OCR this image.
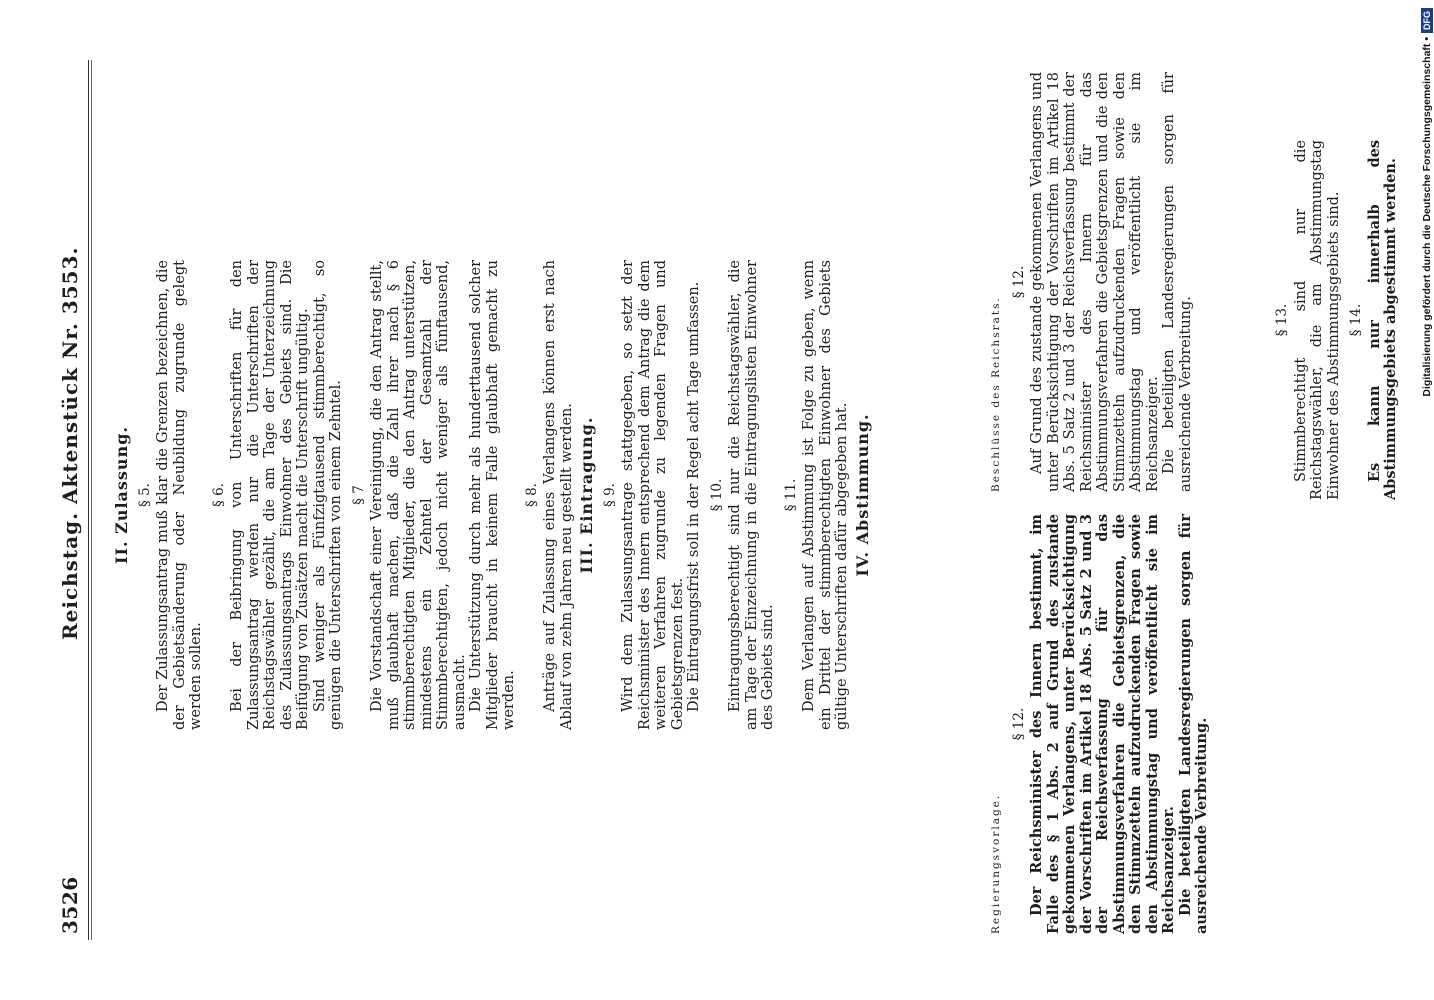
Digitalisierung gefördert durch die Deutsche Forschungsgemeinschaft •
DFG
3526
Reichstag. Aktenstück Nr. 3553. II. Zulassung. § 5. Der Zulassungsantrag muß klar die Grenzen bezeichnen, die der Gebietsänderung oder Neubildung zugrunde gelegt werden sollen.

§ 6. Bei der Beibringung von Unterschriften für den Zulassungsantrag werden nur die Unterschriften der Reichstagswähler gezählt, die am Tage der Unterzeichnung des Zulassungsantrags Einwohner des Gebiets sind. Die Beifügung von Zusätzen macht die Unterschrift ungültig. Sind weniger als Fünfzigtausend stimmberechtigt, so genügen die Unterschriften von einem Zehntel. § 7 Die Vorstandschaft einer Vereinigung, die den Antrag stellt, muß glaubhaft machen, daß die Zahl ihrer nach § 6 stimmberechtigten Mitglieder, die den Antrag unterstützen, mindestens ein Zehntel der Gesamtzahl der Stimmberechtigten, jedoch nicht weniger als fünftausend, ausmacht. Die Unterstützung durch mehr als hunderttausend solcher Mitglieder braucht in keinem Falle glaubhaft gemacht zu werden.

§ 8. Anträge auf Zulassung eines Verlangens können erst nach Ablauf von zehn Jahren neu gestellt werden. III. Eintragung. § 9. Wird dem Zulassungsantrage stattgegeben, so setzt der Reichsminister des Innern entsprechend dem Antrag die dem weiteren Verfahren zugrunde zu legenden Fragen und Gebietsgrenzen fest. Die Eintragungsfrist soll in der Regel acht Tage umfassen. § 10. Eintragungsberechtigt sind nur die Reichstagswähler, die am Tage der Einzeichnung in die Eintragungslisten Einwohner des Gebiets sind.

§ 11. Dem Verlangen auf Abstimmung ist Folge zu geben, wenn ein Drittel der stimmberechtigten Einwohner des Gebiets gültige Unterschriften dafür abgegeben hat. IV. Abstimmung.
Regierungsvorlage.
§ 12. Der Reichsminister des Innern bestimmt, im Falle des § 1 Abs. 2 auf Grund des zustande gekommenen Verlangens, unter Berücksichtigung der Vorschriften im Artikel 18 Abs. 5 Satz 2 und 3 der Reichsverfassung für das Abstimmungsverfahren die Gebietsgrenzen, die den Stimmzetteln aufzudruckenden Fragen sowie den Abstimmungstag und veröffentlicht sie im Reichsanzeiger. Die beteiligten Landesregierungen sorgen für ausreichende Verbreitung.

Beschlüsse des Reichsrats.
§ 12. Auf Grund des zustande gekommenen Verlangens und unter Berücksichtigung der Vorschriften im Artikel 18 Abs. 5 Satz 2 und 3 der Reichsverfassung bestimmt der Reichsminister des Innern für das Abstimmungsverfahren die Gebietsgrenzen und die den Stimmzetteln aufzudruckenden Fragen sowie den Abstimmungstag und veröffentlicht sie im Reichsanzeiger. Die beteiligten Landesregierungen sorgen für ausreichende Verbreitung.	§ 13. Stimmberechtigt sind nur die Reichstagswähler, die am Abstimmungstag Einwohner des Abstimmungsgebiets sind. § 14. Es kann nur innerhalb des Abstimmungsgebiets abgestimmt werden.
